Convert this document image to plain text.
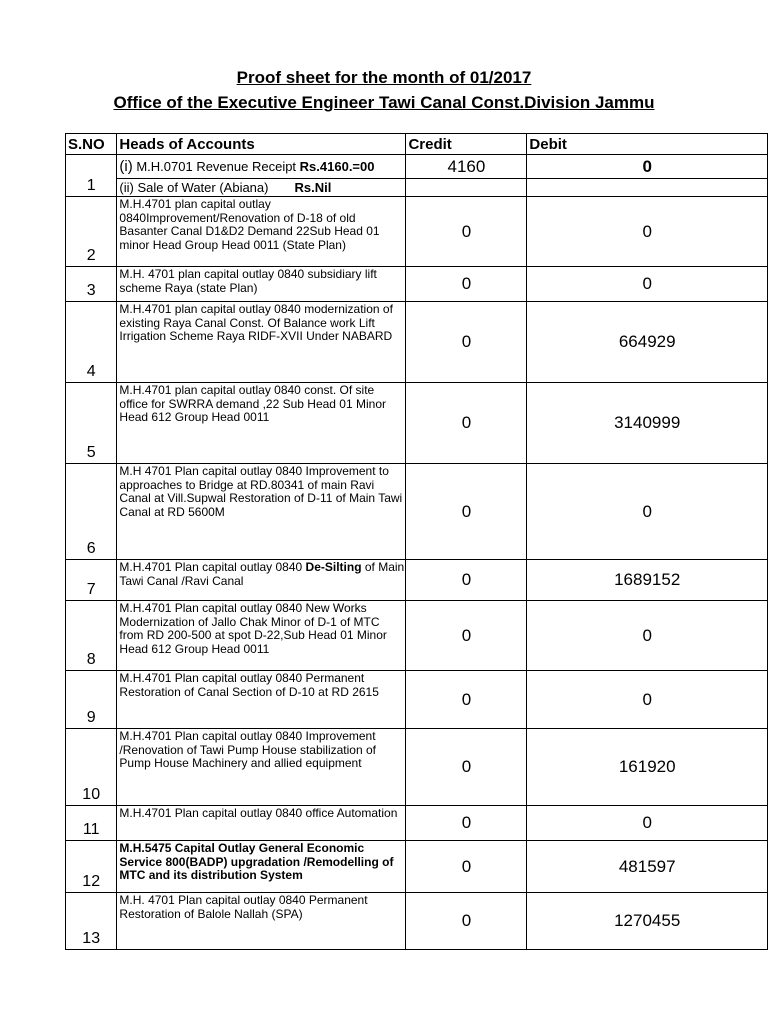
Proof sheet for the month of 01/2017
Office of the Executive Engineer Tawi Canal Const.Division Jammu
S.NO	Heads of Accounts	Credit	Debit

1	(i) M.H.0701 Revenue Receipt Rs.4160.=00	4160	0
	(ii) Sale of Water (Abiana) Rs.Nil		

2	M.H.4701 plan capital outlay 0840Improvement/Renovation of D-18 of old Basanter Canal D1&D2 Demand 22Sub Head 01 minor Head Group Head 0011 (State Plan)	0	0

3	M.H. 4701 plan capital outlay 0840 subsidiary lift scheme Raya (state Plan)	0	0

4	M.H.4701 plan capital outlay 0840 modernization of existing Raya Canal Const. Of Balance work Lift Irrigation Scheme Raya RIDF-XVII Under NABARD	0	664929

5	M.H.4701 plan capital outlay 0840 const. Of site office for SWRRA demand ,22 Sub Head 01 Minor Head 612 Group Head 0011	0	3140999

6	M.H 4701 Plan capital outlay 0840 Improvement to approaches to Bridge at RD.80341 of main Ravi Canal at Vill.Supwal Restoration of D-11 of Main Tawi Canal at RD 5600M	0	0

7	M.H.4701 Plan capital outlay 0840 De-Silting of Main Tawi Canal /Ravi Canal	0	1689152

8	M.H.4701 Plan capital outlay 0840 New Works Modernization of Jallo Chak Minor of D-1 of MTC from RD 200-500 at spot D-22,Sub Head 01 Minor Head 612 Group Head 0011	0	0

9	M.H.4701 Plan capital outlay 0840 Permanent Restoration of Canal Section of D-10 at RD 2615	0	0

10	M.H.4701 Plan capital outlay 0840 Improvement /Renovation of Tawi Pump House stabilization of Pump House Machinery and allied equipment	0	161920

11	M.H.4701 Plan capital outlay 0840 office Automation	0	0

12	M.H.5475 Capital Outlay General Economic Service 800(BADP) upgradation /Remodelling of MTC and its distribution System	0	481597

13	M.H. 4701 Plan capital outlay 0840 Permanent Restoration of Balole Nallah (SPA)	0	1270455
